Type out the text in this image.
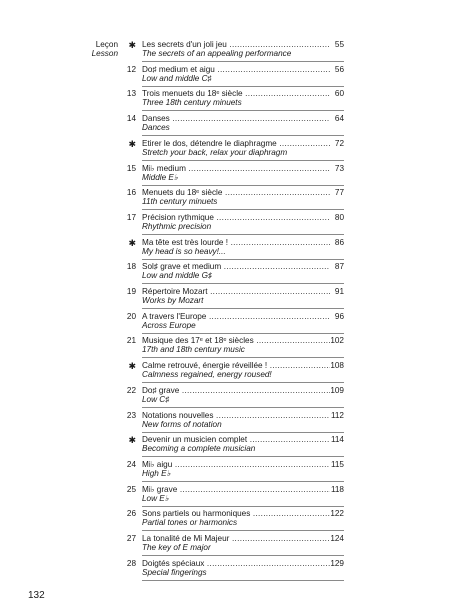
Leçon
Lesson
✱ Les secrets d'un joli jeu .....
The secrets of an appealing performance
55
12 Do♯ medium et aigu .....
Low and middle C♯
56
13 Trois menuets du 18ᵉ siècle .....
Three 18th century minuets
60
14 Danses .....
Dances
64
✱ Etirer le dos, détendre le diaphragme .....
Stretch your back, relax your diaphragm
72
15 Mi♭ medium .....
Middle E♭
73
16 Menuets du 18ᵉ siècle .....
11th century minuets
77
17 Précision rythmique .....
Rhythmic precision
80
✱ Ma tête est très lourde ! .....
My head is so heavy!...
86
18 Sol♯ grave et medium .....
Low and middle G♯
87
19 Répertoire Mozart .....
Works by Mozart
91
20 A travers l'Europe .....
Across Europe
96
21 Musique des 17ᵉ et 18ᵉ siècles .....
17th and 18th century music
102
✱ Calme retrouvé, énergie réveillée ! .....
Calmness regained, energy roused!
108
22 Do♯ grave .....
Low C♯
109
23 Notations nouvelles .....
New forms of notation
112
✱ Devenir un musicien complet .....
Becoming a complete musician
114
24 Mi♭ aigu .....
High E♭
115
25 Mi♭ grave .....
Low E♭
118
26 Sons partiels ou harmoniques .....
Partial tones or harmonics
122
27 La tonalité de Mi Majeur .....
The key of E major
124
28 Doigtés spéciaux .....
Special fingerings
129
132
